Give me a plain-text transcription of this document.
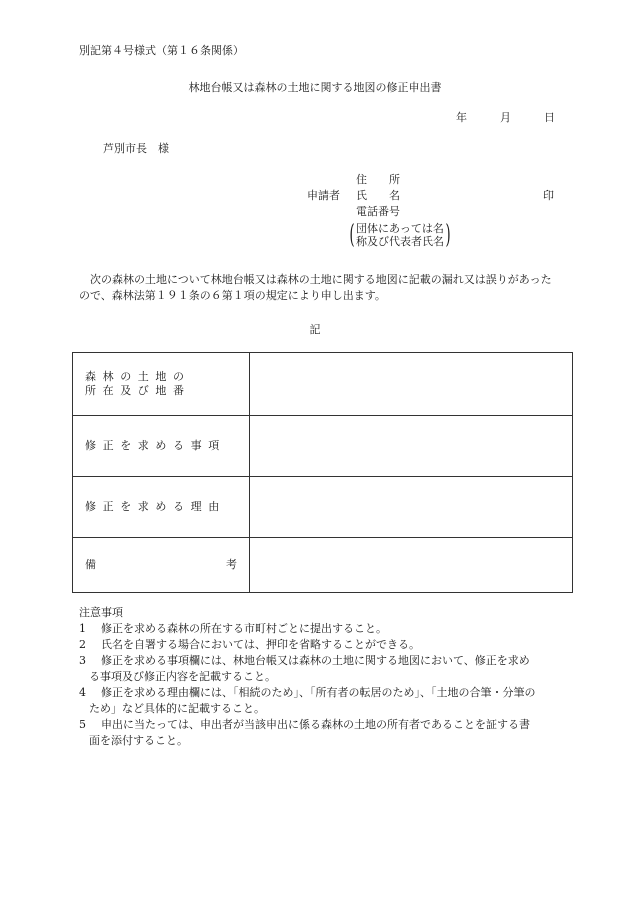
別記第４号様式（第１６条関係）
林地台帳又は森林の土地に関する地図の修正申出書
年	月	日
芦別市長　様
住　　所
申請者 氏　　名	印
電話番号
( 団体にあっては名
称及び代表者氏名 )
次の森林の土地について林地台帳又は森林の土地に関する地図に記載の漏れ又は誤りがあったので、森林法第１９１条の６第１項の規定により申し出ます。
記
森林の土地の
所在及び地番	

修正を求める事項	
修正を求める理由	

備 考	

注意事項
1 修正を求める森林の所在する市町村ごとに提出すること。
2 氏名を自署する場合においては、押印を省略することができる。
3 修正を求める事項欄には、林地台帳又は森林の土地に関する地図において、修正を求め
る事項及び修正内容を記載すること。
4 修正を求める理由欄には、「相続のため」、「所有者の転居のため」、「土地の合筆・分筆の
ため」など具体的に記載すること。
5 申出に当たっては、申出者が当該申出に係る森林の土地の所有者であることを証する書
面を添付すること。
